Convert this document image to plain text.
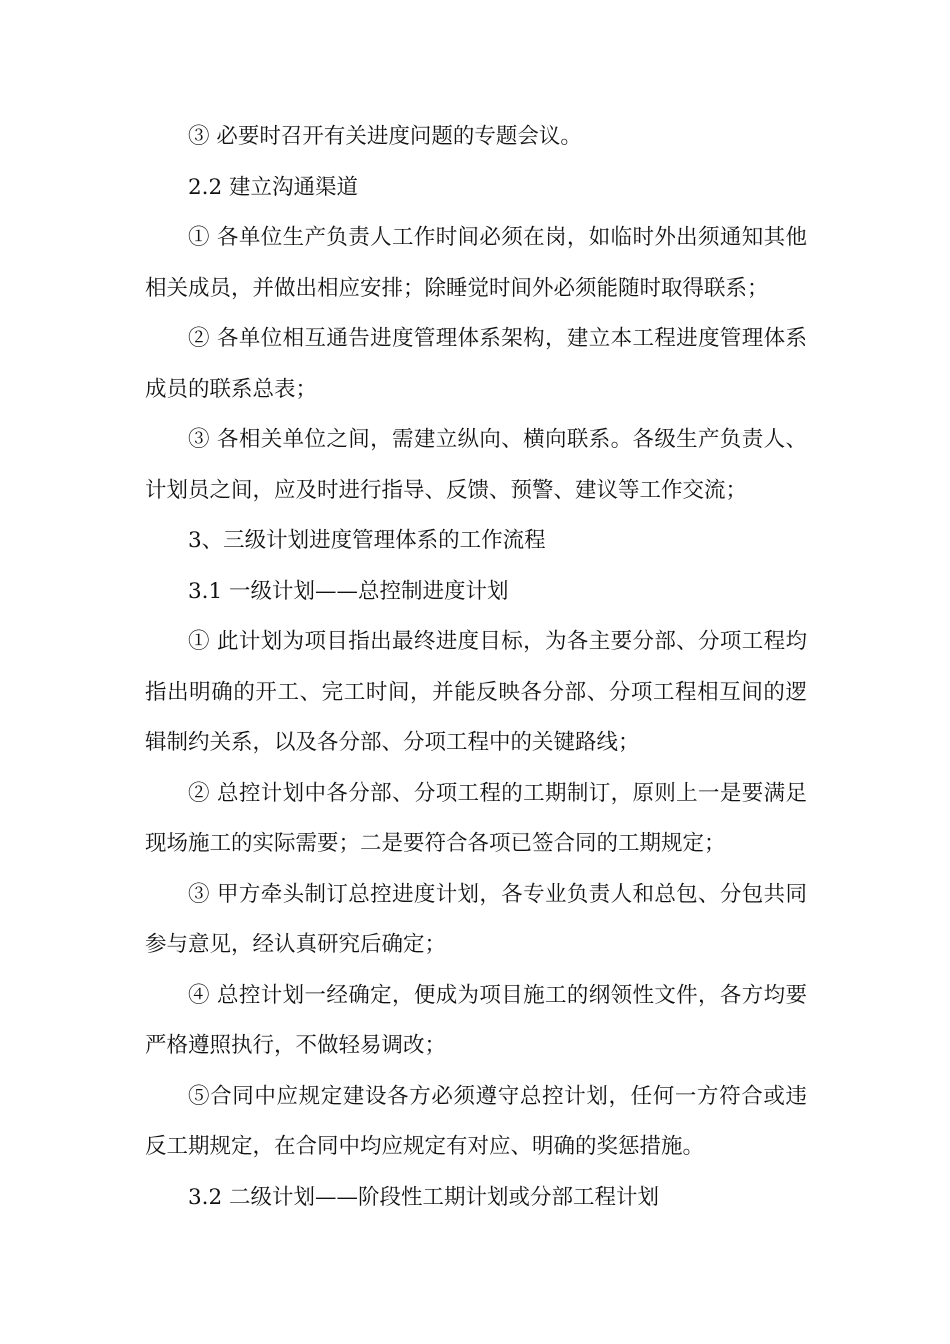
③ 必要时召开有关进度问题的专题会议。

2.2 建立沟通渠道

① 各单位生产负责人工作时间必须在岗，如临时外出须通知其他相关成员，并做出相应安排；除睡觉时间外必须能随时取得联系；

② 各单位相互通告进度管理体系架构，建立本工程进度管理体系成员的联系总表；

③ 各相关单位之间，需建立纵向、横向联系。各级生产负责人、计划员之间，应及时进行指导、反馈、预警、建议等工作交流；

3、三级计划进度管理体系的工作流程

3.1 一级计划——总控制进度计划

① 此计划为项目指出最终进度目标，为各主要分部、分项工程均指出明确的开工、完工时间，并能反映各分部、分项工程相互间的逻辑制约关系，以及各分部、分项工程中的关键路线；

② 总控计划中各分部、分项工程的工期制订，原则上一是要满足现场施工的实际需要；二是要符合各项已签合同的工期规定；

③ 甲方牵头制订总控进度计划，各专业负责人和总包、分包共同参与意见，经认真研究后确定；

④ 总控计划一经确定，便成为项目施工的纲领性文件，各方均要严格遵照执行，不做轻易调改；

⑤合同中应规定建设各方必须遵守总控计划，任何一方符合或违反工期规定，在合同中均应规定有对应、明确的奖惩措施。

3.2 二级计划——阶段性工期计划或分部工程计划
